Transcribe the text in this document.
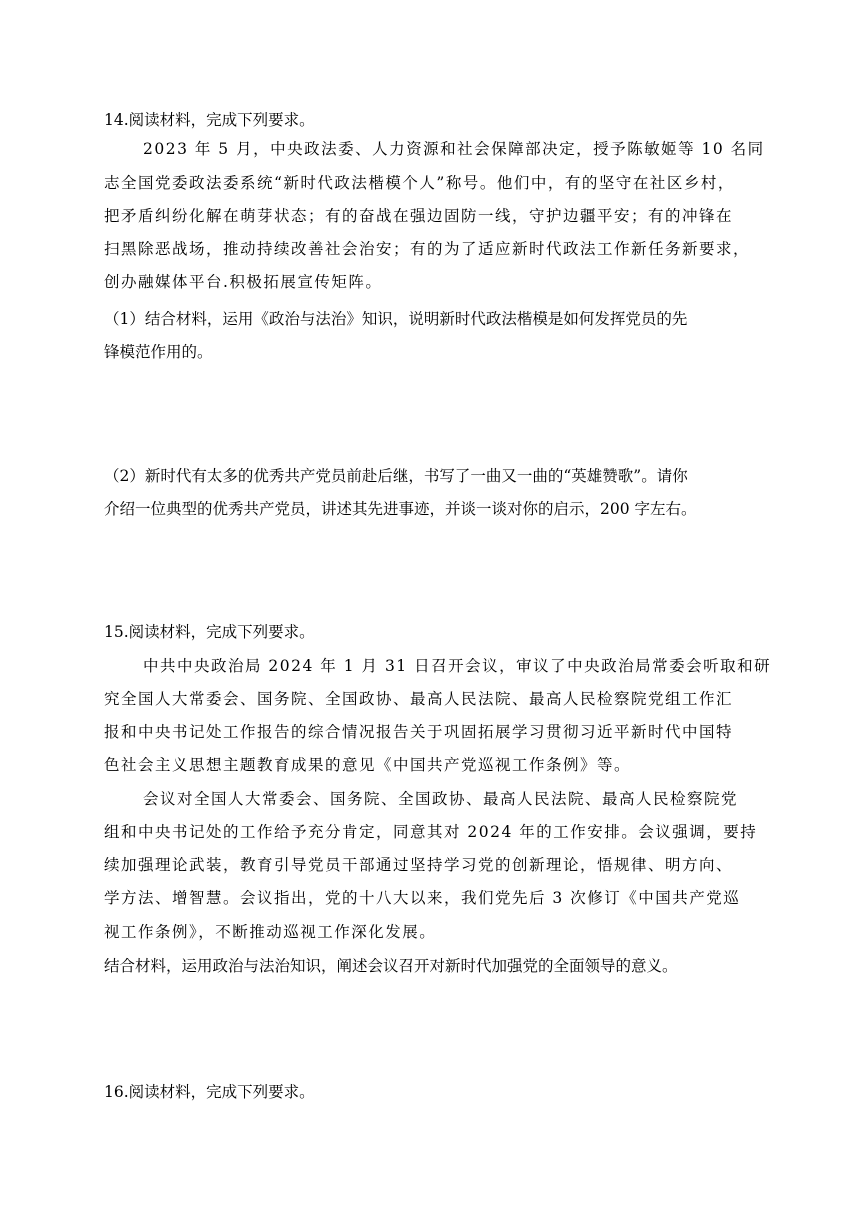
14.阅读材料，完成下列要求。
2023 年 5 月，中央政法委、人力资源和社会保障部决定，授予陈敏姬等 10 名同
志全国党委政法委系统“新时代政法楷模个人”称号。他们中，有的坚守在社区乡村，
把矛盾纠纷化解在萌芽状态；有的奋战在强边固防一线，守护边疆平安；有的冲锋在
扫黑除恶战场，推动持续改善社会治安；有的为了适应新时代政法工作新任务新要求，
创办融媒体平台.积极拓展宣传矩阵。
（1）结合材料，运用《政治与法治》知识，说明新时代政法楷模是如何发挥党员的先
锋模范作用的。
（2）新时代有太多的优秀共产党员前赴后继，书写了一曲又一曲的“英雄赞歌”。请你
介绍一位典型的优秀共产党员，讲述其先进事迹，并谈一谈对你的启示，200 字左右。
15.阅读材料，完成下列要求。
中共中央政治局 2024 年 1 月 31 日召开会议，审议了中央政治局常委会听取和研
究全国人大常委会、国务院、全国政协、最高人民法院、最高人民检察院党组工作汇
报和中央书记处工作报告的综合情况报告关于巩固拓展学习贯彻习近平新时代中国特
色社会主义思想主题教育成果的意见《中国共产党巡视工作条例》等。
会议对全国人大常委会、国务院、全国政协、最高人民法院、最高人民检察院党
组和中央书记处的工作给予充分肯定，同意其对 2024 年的工作安排。会议强调，要持
续加强理论武装，教育引导党员干部通过坚持学习党的创新理论，悟规律、明方向、
学方法、增智慧。会议指出，党的十八大以来，我们党先后 3 次修订《中国共产党巡
视工作条例》，不断推动巡视工作深化发展。
结合材料，运用政治与法治知识，阐述会议召开对新时代加强党的全面领导的意义。
16.阅读材料，完成下列要求。
